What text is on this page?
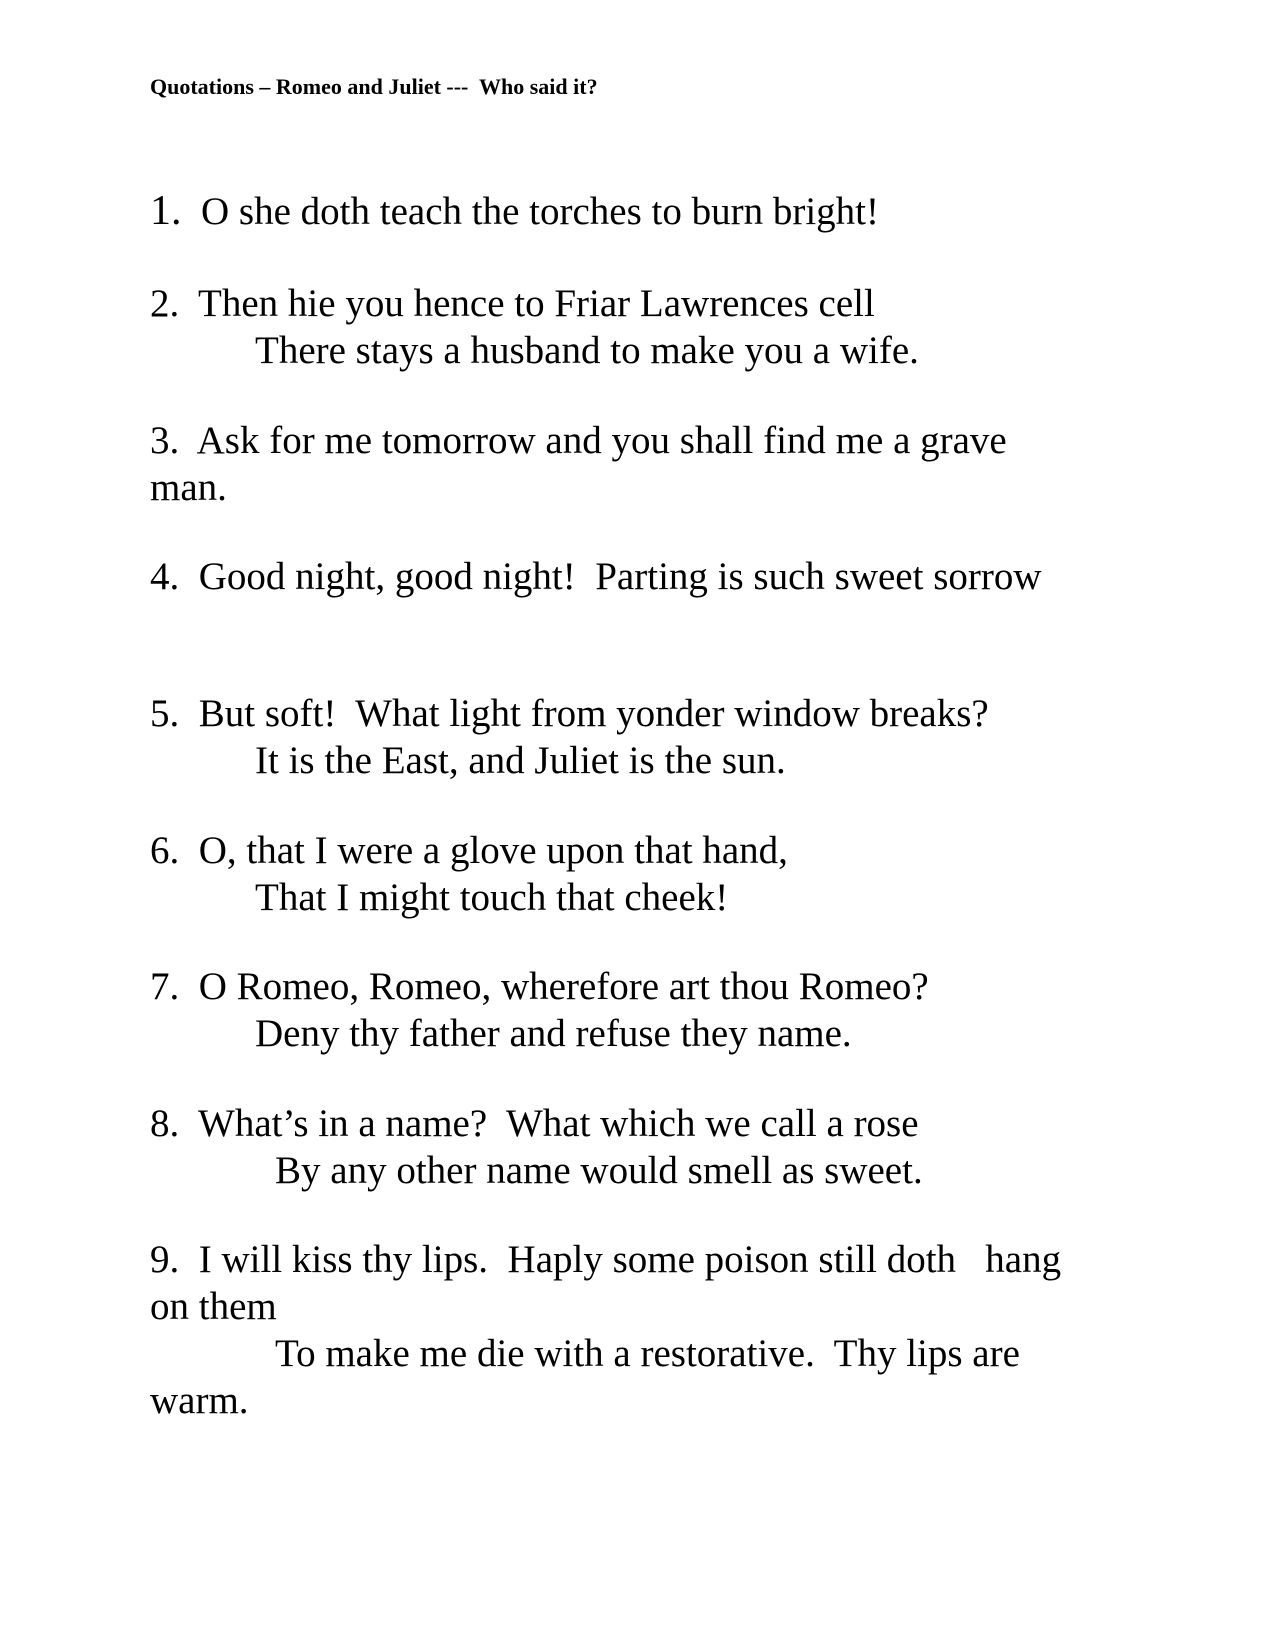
Quotations – Romeo and Juliet ---  Who said it?
1. O she doth teach the torches to burn bright!
2. Then hie you hence to Friar Lawrences cell
There stays a husband to make you a wife.
3. Ask for me tomorrow and you shall find me a grave
man.
4. Good night, good night!  Parting is such sweet sorrow
5. But soft!  What light from yonder window breaks?
It is the East, and Juliet is the sun.
6. O, that I were a glove upon that hand,
That I might touch that cheek!
7. O Romeo, Romeo, wherefore art thou Romeo?
Deny thy father and refuse they name.
8. What’s in a name?  What which we call a rose
By any other name would smell as sweet.
9. I will kiss thy lips.  Haply some poison still doth   hang
on them
To make me die with a restorative.  Thy lips are
warm.
